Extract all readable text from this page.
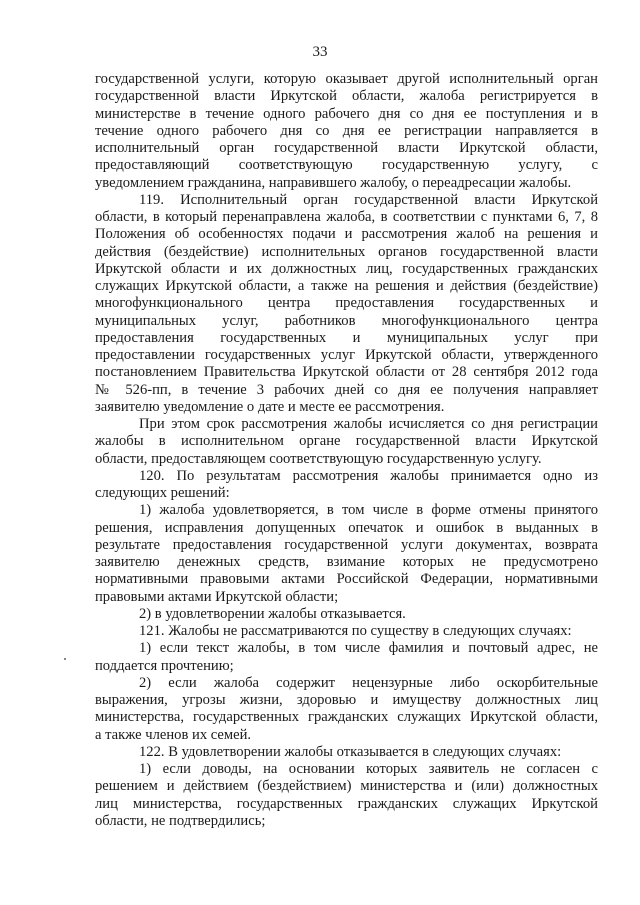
33
государственной услуги, которую оказывает другой исполнительный орган
государственной власти Иркутской области, жалоба регистрируется в
министерстве в течение одного рабочего дня со дня ее поступления и в
течение одного рабочего дня со дня ее регистрации направляется в
исполнительный орган государственной власти Иркутской области,
предоставляющий соответствующую государственную услугу, с
уведомлением гражданина, направившего жалобу, о переадресации жалобы.
119. Исполнительный орган государственной власти Иркутской
области, в который перенаправлена жалоба, в соответствии с пунктами 6, 7, 8
Положения об особенностях подачи и рассмотрения жалоб на решения и
действия (бездействие) исполнительных органов государственной власти
Иркутской области и их должностных лиц, государственных гражданских
служащих Иркутской области, а также на решения и действия (бездействие)
многофункционального центра предоставления государственных и
муниципальных услуг, работников многофункционального центра
предоставления государственных и муниципальных услуг при
предоставлении государственных услуг Иркутской области, утвержденного
постановлением Правительства Иркутской области от 28 сентября 2012 года
№ 526-пп, в течение 3 рабочих дней со дня ее получения направляет
заявителю уведомление о дате и месте ее рассмотрения.
При этом срок рассмотрения жалобы исчисляется со дня регистрации
жалобы в исполнительном органе государственной власти Иркутской
области, предоставляющем соответствующую государственную услугу.
120. По результатам рассмотрения жалобы принимается одно из
следующих решений:
1) жалоба удовлетворяется, в том числе в форме отмены принятого
решения, исправления допущенных опечаток и ошибок в выданных в
результате предоставления государственной услуги документах, возврата
заявителю денежных средств, взимание которых не предусмотрено
нормативными правовыми актами Российской Федерации, нормативными
правовыми актами Иркутской области;
2) в удовлетворении жалобы отказывается.
121. Жалобы не рассматриваются по существу в следующих случаях:
1) если текст жалобы, в том числе фамилия и почтовый адрес, не
поддается прочтению;
2) если жалоба содержит нецензурные либо оскорбительные
выражения, угрозы жизни, здоровью и имуществу должностных лиц
министерства, государственных гражданских служащих Иркутской области,
а также членов их семей.
122. В удовлетворении жалобы отказывается в следующих случаях:
1) если доводы, на основании которых заявитель не согласен с
решением и действием (бездействием) министерства и (или) должностных
лиц министерства, государственных гражданских служащих Иркутской
области, не подтвердились;
